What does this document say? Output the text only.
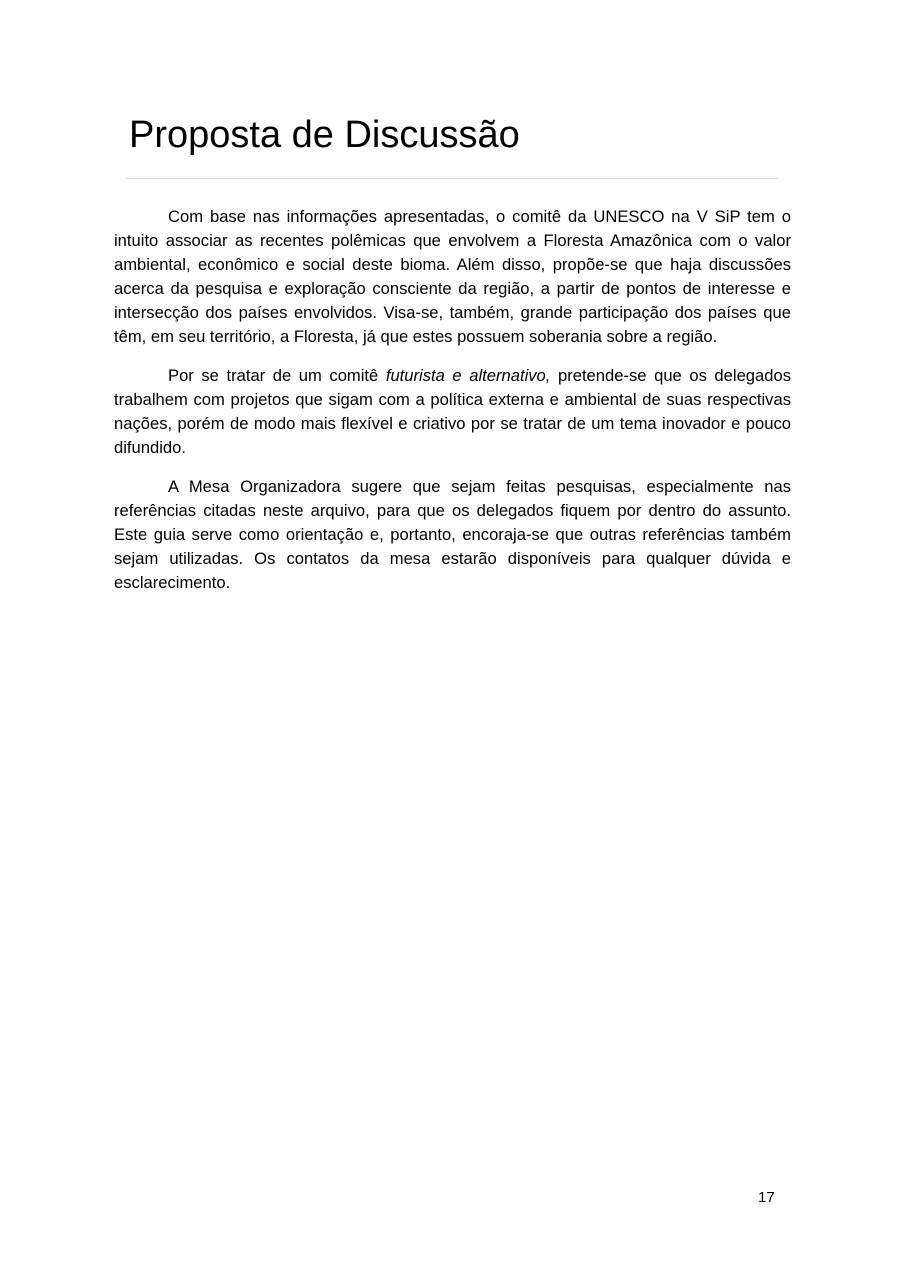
Proposta de Discussão

Com base nas informações apresentadas, o comitê da UNESCO na V SiP tem o intuito associar as recentes polêmicas que envolvem a Floresta Amazônica com o valor ambiental, econômico e social deste bioma. Além disso, propõe-se que haja discussões acerca da pesquisa e exploração consciente da região, a partir de pontos de interesse e intersecção dos países envolvidos. Visa-se, também, grande participação dos países que têm, em seu território, a Floresta, já que estes possuem soberania sobre a região.

Por se tratar de um comitê futurista e alternativo, pretende-se que os delegados trabalhem com projetos que sigam com a política externa e ambiental de suas respectivas nações, porém de modo mais flexível e criativo por se tratar de um tema inovador e pouco difundido.

A Mesa Organizadora sugere que sejam feitas pesquisas, especialmente nas referências citadas neste arquivo, para que os delegados fiquem por dentro do assunto. Este guia serve como orientação e, portanto, encoraja-se que outras referências também sejam utilizadas. Os contatos da mesa estarão disponíveis para qualquer dúvida e esclarecimento.

17
